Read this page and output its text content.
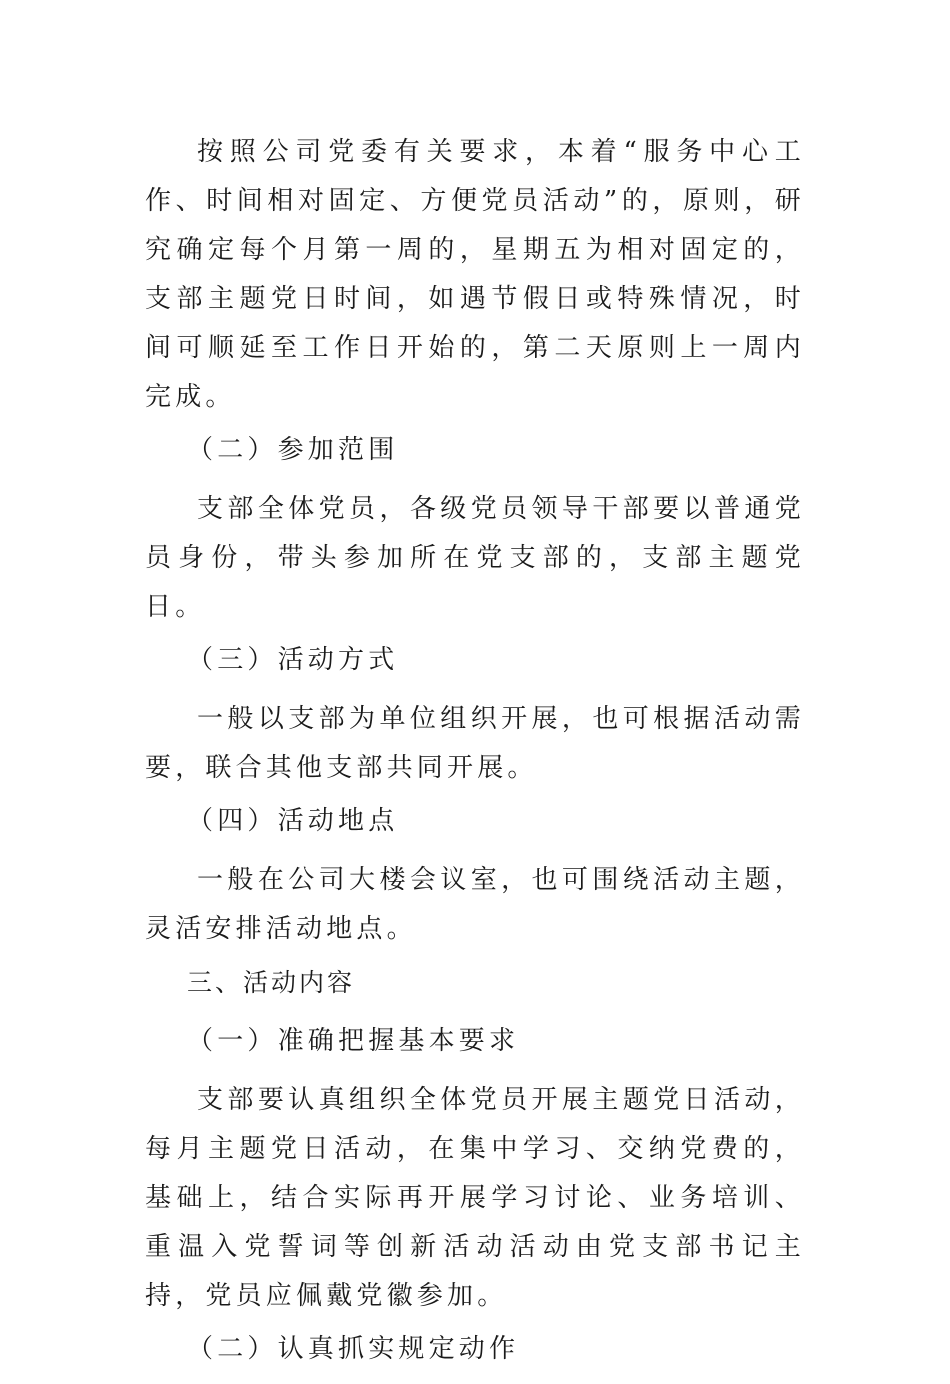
按照公司党委有关要求，本着“服务中心工作、时间相对固定、方便党员活动”的，原则，研究确定每个月第一周的，星期五为相对固定的，支部主题党日时间，如遇节假日或特殊情况，时间可顺延至工作日开始的，第二天原则上一周内完成。

（二）参加范围

支部全体党员，各级党员领导干部要以普通党员身份，带头参加所在党支部的，支部主题党日。

（三）活动方式

一般以支部为单位组织开展，也可根据活动需要，联合其他支部共同开展。

（四）活动地点

一般在公司大楼会议室，也可围绕活动主题，灵活安排活动地点。

三、活动内容

（一）准确把握基本要求

支部要认真组织全体党员开展主题党日活动，每月主题党日活动，在集中学习、交纳党费的，基础上，结合实际再开展学习讨论、业务培训、重温入党誓词等创新活动活动由党支部书记主持，党员应佩戴党徽参加。

（二）认真抓实规定动作
